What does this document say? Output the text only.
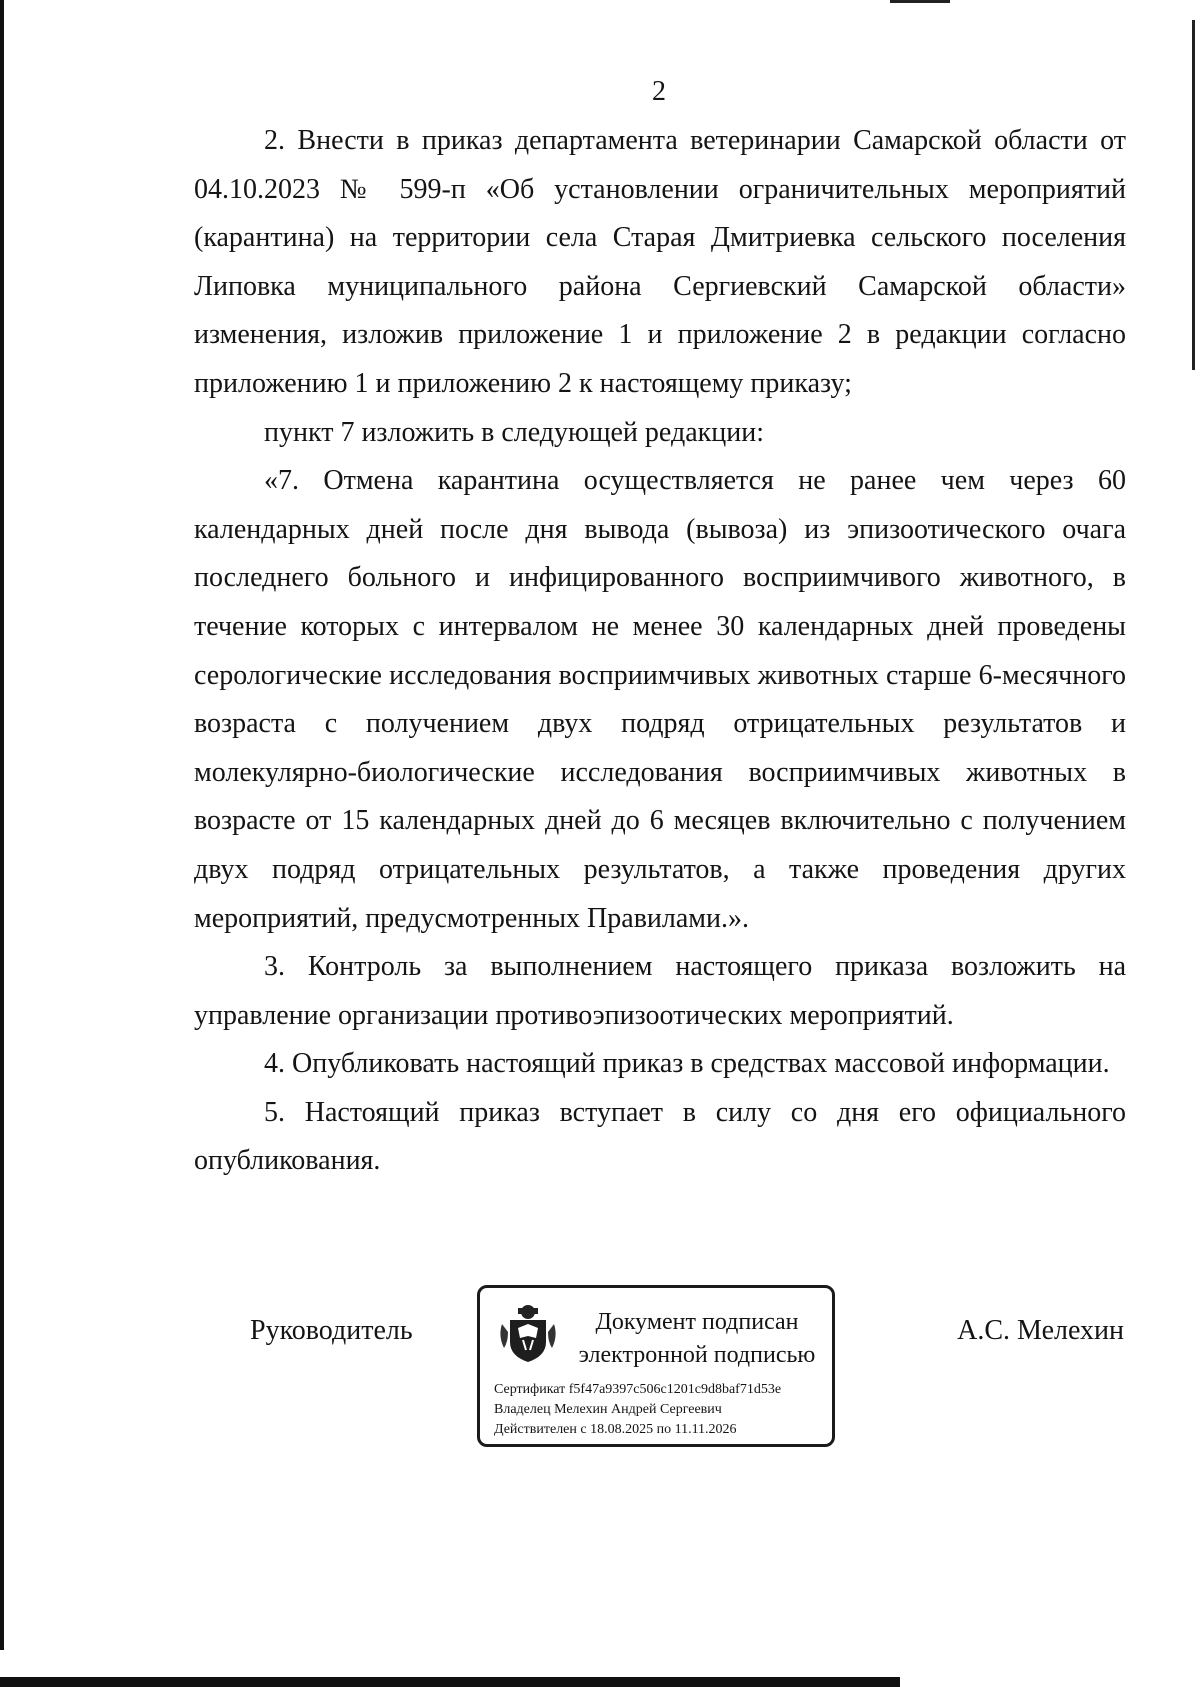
2

2. Внести в приказ департамента ветеринарии Самарской области от 04.10.2023 № 599-п «Об установлении ограничительных мероприятий (карантина) на территории села Старая Дмитриевка сельского поселения Липовка муниципального района Сергиевский Самарской области» изменения, изложив приложение 1 и приложение 2 в редакции согласно приложению 1 и приложению 2 к настоящему приказу;

пункт 7 изложить в следующей редакции:

«7. Отмена карантина осуществляется не ранее чем через 60 календарных дней после дня вывода (вывоза) из эпизоотического очага последнего больного и инфицированного восприимчивого животного, в течение которых с интервалом не менее 30 календарных дней проведены серологические исследования восприимчивых животных старше 6-месячного возраста с получением двух подряд отрицательных результатов и молекулярно-биологические исследования восприимчивых животных в возрасте от 15 календарных дней до 6 месяцев включительно с получением двух подряд отрицательных результатов, а также проведения других мероприятий, предусмотренных Правилами.».

3. Контроль за выполнением настоящего приказа возложить на управление организации противоэпизоотических мероприятий.

4. Опубликовать настоящий приказ в средствах массовой информации.

5. Настоящий приказ вступает в силу со дня его официального опубликования.

Руководитель	Документ подписан
электронной подписью
Сертификат f5f47a9397c506c1201c9d8baf71d53e
Владелец Мелехин Андрей Сергеевич
Действителен с 18.08.2025 по 11.11.2026
А.С. Мелехин
